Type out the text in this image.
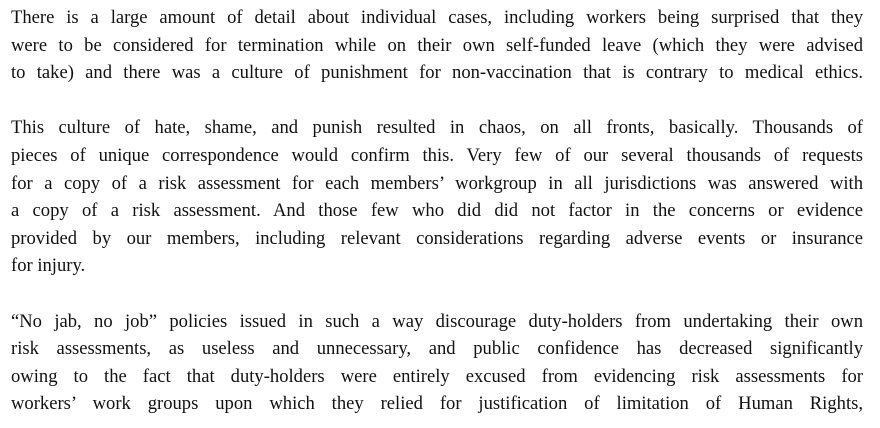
There is a large amount of detail about individual cases, including workers being surprised that they
were to be considered for termination while on their own self-funded leave (which they were advised
to take) and there was a culture of punishment for non-vaccination that is contrary to medical ethics.
This culture of hate, shame, and punish resulted in chaos, on all fronts, basically. Thousands of
pieces of unique correspondence would confirm this. Very few of our several thousands of requests
for a copy of a risk assessment for each members’ workgroup in all jurisdictions was answered with
a copy of a risk assessment. And those few who did did not factor in the concerns or evidence
provided by our members, including relevant considerations regarding adverse events or insurance
for injury.
“No jab, no job” policies issued in such a way discourage duty-holders from undertaking their own
risk assessments, as useless and unnecessary, and public confidence has decreased significantly
owing to the fact that duty-holders were entirely excused from evidencing risk assessments for
workers’ work groups upon which they relied for justification of limitation of Human Rights,
